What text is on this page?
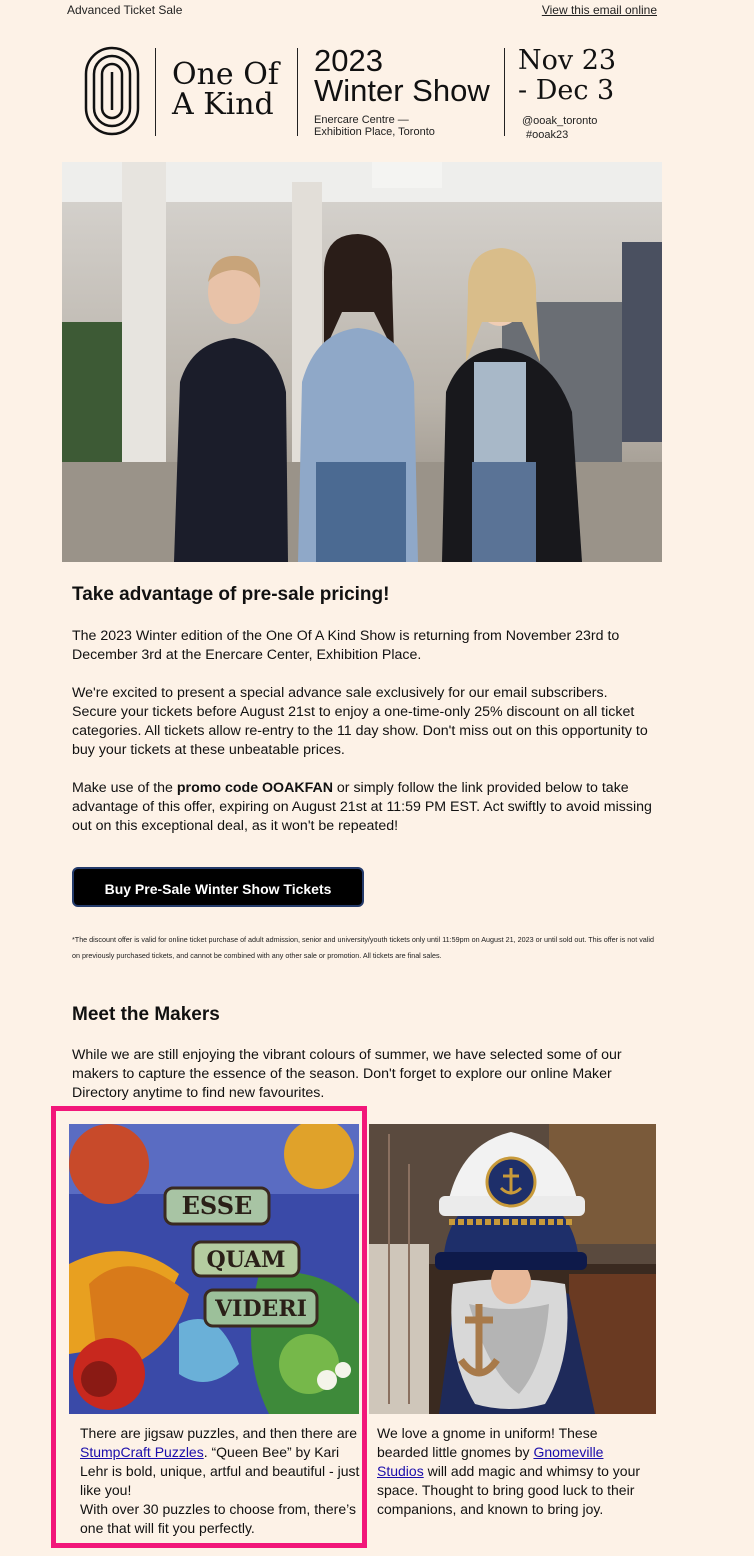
Advanced Ticket Sale	View this email online
One Of
A Kind
2023
Winter Show
Enercare Centre —
Exhibition Place, Toronto
Nov 23
- Dec 3
@ooak_toronto
#ooak23
Take advantage of pre-sale pricing!

The 2023 Winter edition of the One Of A Kind Show is returning from November 23rd to December 3rd at the Enercare Center, Exhibition Place.

We're excited to present a special advance sale exclusively for our email subscribers. Secure your tickets before August 21st to enjoy a one-time-only 25% discount on all ticket categories. All tickets allow re-entry to the 11 day show. Don't miss out on this opportunity to buy your tickets at these unbeatable prices.

Make use of the promo code OOAKFAN or simply follow the link provided below to take advantage of this offer, expiring on August 21st at 11:59 PM EST. Act swiftly to avoid missing out on this exceptional deal, as it won't be repeated!

Buy Pre-Sale Winter Show Tickets
*The discount offer is valid for online ticket purchase of adult admission, senior and university/youth tickets only until 11:59pm on August 21, 2023 or until sold out. This offer is not valid on previously purchased tickets, and cannot be combined with any other sale or promotion. All tickets are final sales.
Meet the Makers

While we are still enjoying the vibrant colours of summer, we have selected some of our makers to capture the essence of the season. Don't forget to explore our online Maker Directory anytime to find new favourites.

ESSE
QUAM
VIDERI
There are jigsaw puzzles, and then there are StumpCraft Puzzles. “Queen Bee” by Kari Lehr is bold, unique, artful and beautiful - just like you!
With over 30 puzzles to choose from, there’s one that will fit you perfectly.
We love a gnome in uniform! These bearded little gnomes by Gnomeville Studios will add magic and whimsy to your space. Thought to bring good luck to their companions, and known to bring joy.
